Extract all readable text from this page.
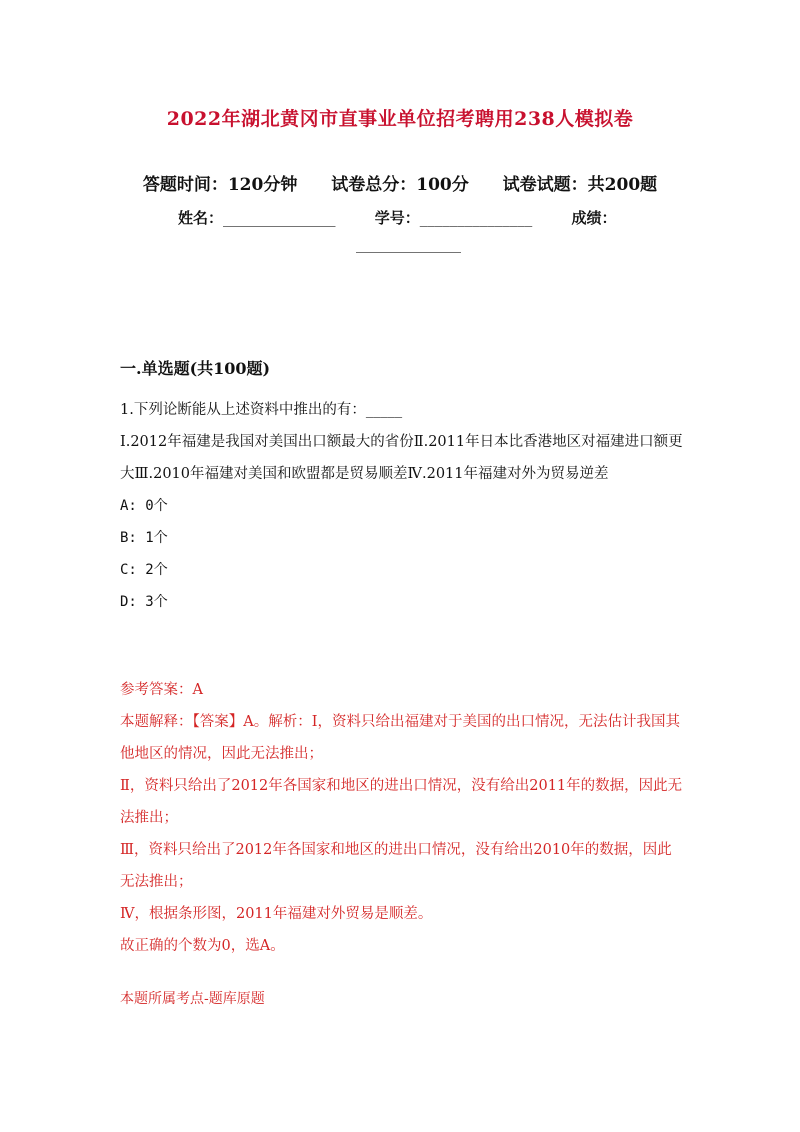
2022年湖北黄冈市直事业单位招考聘用238人模拟卷
答题时间：120分钟 试卷总分：100分 试卷试题：共200题
姓名：_______________	学号：_______________	成绩：
______________
一.单选题(共100题)

1.下列论断能从上述资料中推出的有：_____

Ⅰ.2012年福建是我国对美国出口额最大的省份Ⅱ.2011年日本比香港地区对福建进口额更大Ⅲ.2010年福建对美国和欧盟都是贸易顺差Ⅳ.2011年福建对外为贸易逆差

A: 0个

B: 1个

C: 2个

D: 3个

参考答案：A

本题解释：【答案】A。解析：Ⅰ，资料只给出福建对于美国的出口情况，无法估计我国其他地区的情况，因此无法推出；

Ⅱ，资料只给出了2012年各国家和地区的进出口情况，没有给出2011年的数据，因此无法推出；

Ⅲ，资料只给出了2012年各国家和地区的进出口情况，没有给出2010年的数据，因此无法推出；

Ⅳ，根据条形图，2011年福建对外贸易是顺差。

故正确的个数为0，选A。

本题所属考点-题库原题
